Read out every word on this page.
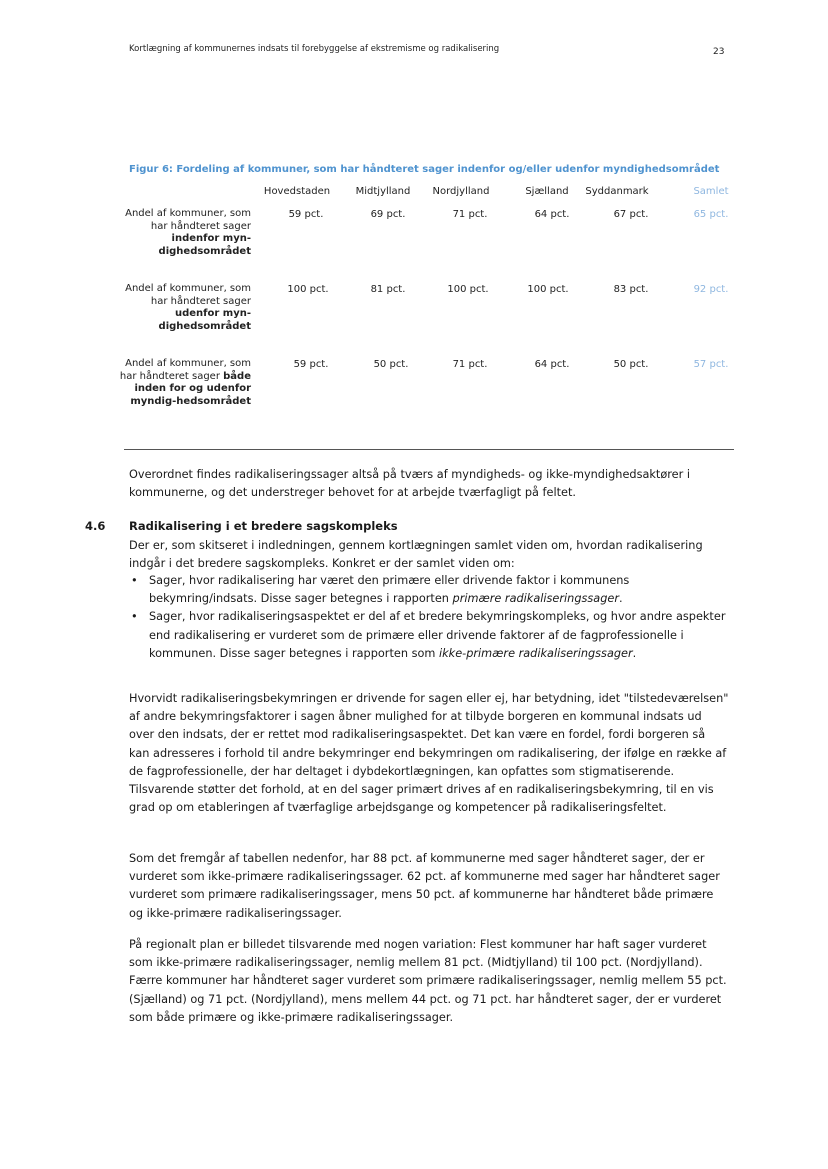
Kortlægning af kommunernes indsats til forebyggelse af ekstremisme og radikalisering	23
Figur 6: Fordeling af kommuner, som har håndteret sager indenfor og/eller udenfor myndighedsområdet
Hovedstaden	Midtjylland	Nordjylland	Sjælland	Syddanmark	Samlet
Andel af kommuner, som har håndteret sager indenfor myn-dighedsområdet
59 pct.	69 pct.	71 pct.	64 pct.	67 pct.	65 pct.
Andel af kommuner, som har håndteret sager udenfor myn-dighedsområdet
100 pct.	81 pct.	100 pct.	100 pct.	83 pct.	92 pct.
Andel af kommuner, som har håndteret sager både inden for og udenfor myndig-hedsområdet
59 pct.	50 pct.	71 pct.	64 pct.	50 pct.	57 pct.
Overordnet findes radikaliseringssager altså på tværs af myndigheds- og ikke-myndighedsaktører i kommunerne, og det understreger behovet for at arbejde tværfagligt på feltet.
4.6 Radikalisering i et bredere sagskompleks
Der er, som skitseret i indledningen, gennem kortlægningen samlet viden om, hvordan radikalisering indgår i det bredere sagskompleks. Konkret er der samlet viden om:
• Sager, hvor radikalisering har været den primære eller drivende faktor i kommunens bekymring/indsats. Disse sager betegnes i rapporten primære radikaliseringssager.
• Sager, hvor radikaliseringsaspektet er del af et bredere bekymringskompleks, og hvor andre aspekter end radikalisering er vurderet som de primære eller drivende faktorer af de fagprofessionelle i kommunen. Disse sager betegnes i rapporten som ikke-primære radikaliseringssager.
Hvorvidt radikaliseringsbekymringen er drivende for sagen eller ej, har betydning, idet "tilstedeværelsen" af andre bekymringsfaktorer i sagen åbner mulighed for at tilbyde borgeren en kommunal indsats ud over den indsats, der er rettet mod radikaliseringsaspektet. Det kan være en fordel, fordi borgeren så kan adresseres i forhold til andre bekymringer end bekymringen om radikalisering, der ifølge en række af de fagprofessionelle, der har deltaget i dybdekortlægningen, kan opfattes som stigmatiserende. Tilsvarende støtter det forhold, at en del sager primært drives af en radikaliseringsbekymring, til en vis grad op om etableringen af tværfaglige arbejdsgange og kompetencer på radikaliseringsfeltet.
Som det fremgår af tabellen nedenfor, har 88 pct. af kommunerne med sager håndteret sager, der er vurderet som ikke-primære radikaliseringssager. 62 pct. af kommunerne med sager har håndteret sager vurderet som primære radikaliseringssager, mens 50 pct. af kommunerne har håndteret både primære og ikke-primære radikaliseringssager.
På regionalt plan er billedet tilsvarende med nogen variation: Flest kommuner har haft sager vurderet som ikke-primære radikaliseringssager, nemlig mellem 81 pct. (Midtjylland) til 100 pct. (Nordjylland). Færre kommuner har håndteret sager vurderet som primære radikaliseringssager, nemlig mellem 55 pct. (Sjælland) og 71 pct. (Nordjylland), mens mellem 44 pct. og 71 pct. har håndteret sager, der er vurderet som både primære og ikke-primære radikaliseringssager.
